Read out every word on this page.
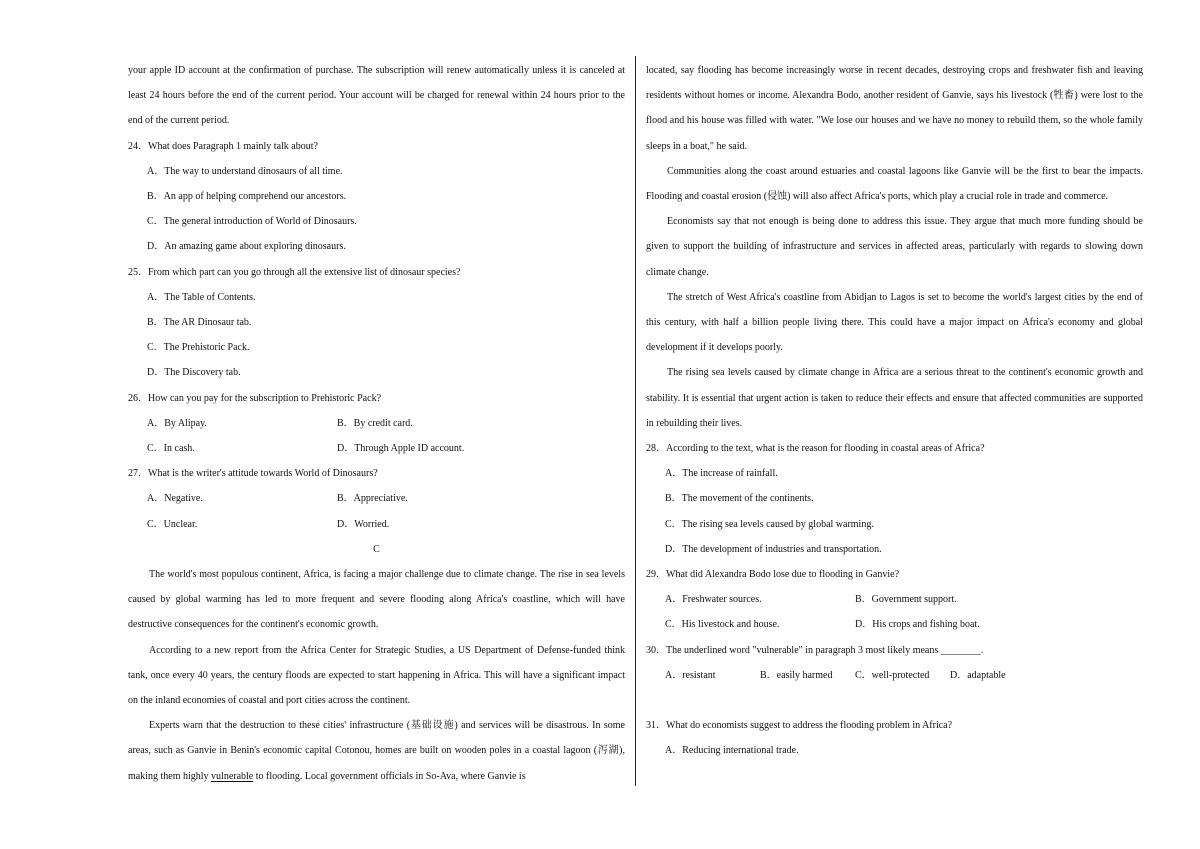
your apple ID account at the confirmation of purchase. The subscription will renew automatically unless it is canceled at least 24 hours before the end of the current period. Your account will be charged for renewal within 24 hours prior to the end of the current period.

24．What does Paragraph 1 mainly talk about?

A．The way to understand dinosaurs of all time.

B．An app of helping comprehend our ancestors.

C．The general introduction of World of Dinosaurs.

D．An amazing game about exploring dinosaurs.

25．From which part can you go through all the extensive list of dinosaur species?

A．The Table of Contents.

B．The AR Dinosaur tab.

C．The Prehistoric Pack.

D．The Discovery tab.

26．How can you pay for the subscription to Prehistoric Pack?

A．By Alipay.	B．By credit card.
C．In cash.	D．Through Apple ID account.

27．What is the writer's attitude towards World of Dinosaurs?

A．Negative.	B．Appreciative.
C．Unclear.	D．Worried.

C

The world's most populous continent, Africa, is facing a major challenge due to climate change. The rise in sea levels caused by global warming has led to more frequent and severe flooding along Africa's coastline, which will have destructive consequences for the continent's economic growth.

According to a new report from the Africa Center for Strategic Studies, a US Department of Defense-funded think tank, once every 40 years, the century floods are expected to start happening in Africa. This will have a significant impact on the inland economies of coastal and port cities across the continent.

Experts warn that the destruction to these cities' infrastructure (基础设施) and services will be disastrous. In some areas, such as Ganvie in Benin's economic capital Cotonou, homes are built on wooden poles in a coastal lagoon (泻湖), making them highly vulnerable to flooding. Local government officials in So-Ava, where Ganvie is

located, say flooding has become increasingly worse in recent decades, destroying crops and freshwater fish and leaving residents without homes or income. Alexandra Bodo, another resident of Ganvie, says his livestock (牲畜) were lost to the flood and his house was filled with water. "We lose our houses and we have no money to rebuild them, so the whole family sleeps in a boat," he said.

Communities along the coast around estuaries and coastal lagoons like Ganvie will be the first to bear the impacts. Flooding and coastal erosion (侵蚀) will also affect Africa's ports, which play a crucial role in trade and commerce.

Economists say that not enough is being done to address this issue. They argue that much more funding should be given to support the building of infrastructure and services in affected areas, particularly with regards to slowing down climate change.

The stretch of West Africa's coastline from Abidjan to Lagos is set to become the world's largest cities by the end of this century, with half a billion people living there. This could have a major impact on Africa's economy and global development if it develops poorly.

The rising sea levels caused by climate change in Africa are a serious threat to the continent's economic growth and stability. It is essential that urgent action is taken to reduce their effects and ensure that affected communities are supported in rebuilding their lives.

28．According to the text, what is the reason for flooding in coastal areas of Africa?

A．The increase of rainfall.

B．The movement of the continents.

C．The rising sea levels caused by global warming.

D．The development of industries and transportation.

29．What did Alexandra Bodo lose due to flooding in Ganvie?

A．Freshwater sources.	B．Government support.
C．His livestock and house.	D．His crops and fishing boat.

30．The underlined word "vulnerable" in paragraph 3 most likely means ________.

A．resistant	B．easily harmed	C．well-protected	D．adaptable

31．What do economists suggest to address the flooding problem in Africa?

A．Reducing international trade.
